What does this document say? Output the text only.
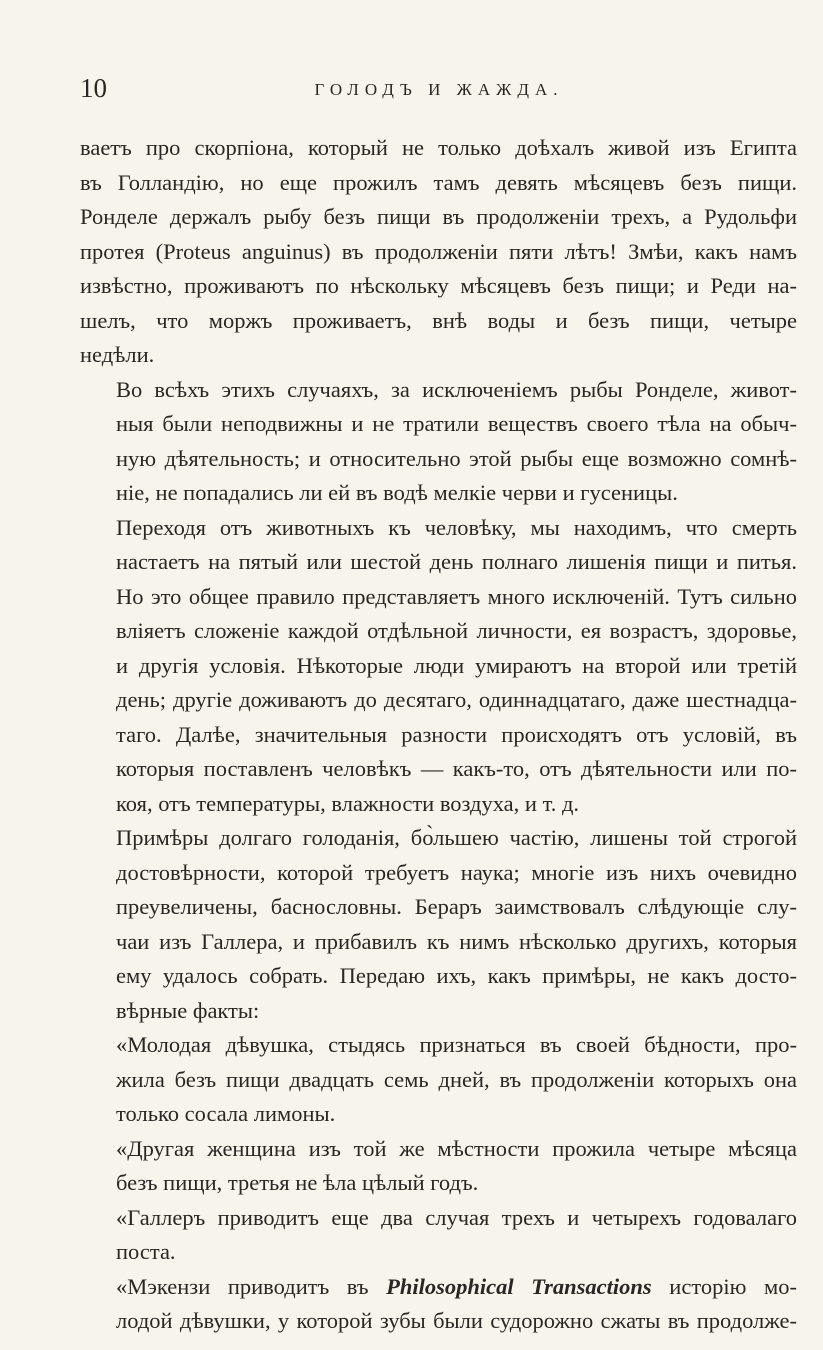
10	ГОЛОДЪ И ЖАЖДА.

ваетъ про скорпіона, который не только доѣхалъ живой изъ Египта
въ Голландію, но еще прожилъ тамъ девять мѣсяцевъ безъ пищи.
Ронделе держалъ рыбу безъ пищи въ продолженіи трехъ, а Рудольфи
протея (Proteus anguinus) въ продолженіи пяти лѣтъ! Змѣи, какъ намъ
извѣстно, проживаютъ по нѣскольку мѣсяцевъ безъ пищи; и Реди на-
шелъ, что моржъ проживаетъ, внѣ воды и безъ пищи, четыре
недѣли.

Во всѣхъ этихъ случаяхъ, за исключеніемъ рыбы Ронделе, живот-
ныя были неподвижны и не тратили веществъ своего тѣла на обыч-
ную дѣятельность; и относительно этой рыбы еще возможно сомнѣ-
ніе, не попадались ли ей въ водѣ мелкіе черви и гусеницы.

Переходя отъ животныхъ къ человѣку, мы находимъ, что смерть
настаетъ на пятый или шестой день полнаго лишенія пищи и питья.
Но это общее правило представляетъ много исключеній. Тутъ сильно
вліяетъ сложеніе каждой отдѣльной личности, ея возрастъ, здоровье,
и другія условія. Нѣкоторые люди умираютъ на второй или третій
день; другіе доживаютъ до десятаго, одиннадцатаго, даже шестнадца-
таго. Далѣе, значительныя разности происходятъ отъ условій, въ
которыя поставленъ человѣкъ — какъ-то, отъ дѣятельности или по-
коя, отъ температуры, влажности воздуха, и т. д.

Примѣры долгаго голоданія, бо̀льшею частію, лишены той строгой
достовѣрности, которой требуетъ наука; многіе изъ нихъ очевидно
преувеличены, баснословны. Бераръ заимствовалъ слѣдующіе слу-
чаи изъ Галлера, и прибавилъ къ нимъ нѣсколько другихъ, которыя
ему удалось собрать. Передаю ихъ, какъ примѣры, не какъ досто-
вѣрные факты:

«Молодая дѣвушка, стыдясь признаться въ своей бѣдности, про-
жила безъ пищи двадцать семь дней, въ продолженіи которыхъ она
только сосала лимоны.

«Другая женщина изъ той же мѣстности прожила четыре мѣсяца
безъ пищи, третья не ѣла цѣлый годъ.

«Галлеръ приводитъ еще два случая трехъ и четырехъ годовалаго
поста.

«Мэкензи приводитъ въ Philosophical Transactions исторію мо-
лодой дѣвушки, у которой зубы были судорожно сжаты въ продолже-
